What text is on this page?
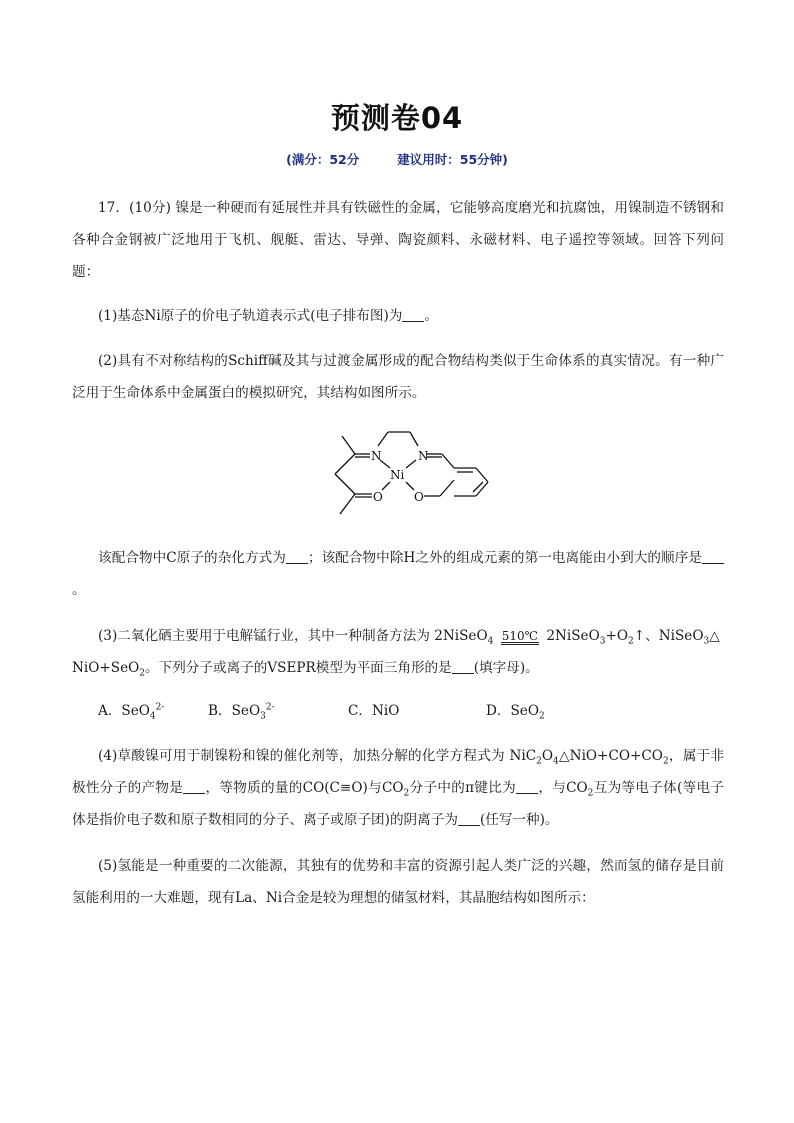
预测卷04
(满分：52分	建议用时：55分钟)
17．(10分) 镍是一种硬而有延展性并具有铁磁性的金属，它能够高度磨光和抗腐蚀，用镍制造不锈钢和各种合金钢被广泛地用于飞机、舰艇、雷达、导弹、陶瓷颜料、永磁材料、电子遥控等领域。回答下列问题：
(1)基态Ni原子的价电子轨道表示式(电子排布图)为 。
(2)具有不对称结构的Schiff碱及其与过渡金属形成的配合物结构类似于生命体系的真实情况。有一种广泛用于生命体系中金属蛋白的模拟研究，其结构如图所示。
N	N
Ni
O	O
该配合物中C原子的杂化方式为 ；该配合物中除H之外的组成元素的第一电离能由小到大的顺序是。
(3)二氧化硒主要用于电解锰行业，其中一种制备方法为 2NiSeO$_4$ 510℃ $2NiSeO_3+O_2↑$、NiSeO$_3$△
NiO+SeO$_2$。下列分子或离子的VSEPR模型为平面三角形的是 (填字母)。
A．SeO$_4^{2-}$	B．SeO$_3^{2-}$	C．NiO	D．SeO$_2$
(4)草酸镍可用于制镍粉和镍的催化剂等，加热分解的化学方程式为 $NiC_2O_4\triangle NiO+CO+CO_2$，属于非极性分子的产物是 ，等物质的量的CO(C≡O)与$CO_2$分子中的π键比为 ，与$CO_2$互为等电子体(等电子体是指价电子数和原子数相同的分子、离子或原子团)的阴离子为 (任写一种)。
(5)氢能是一种重要的二次能源，其独有的优势和丰富的资源引起人类广泛的兴趣，然而氢的储存是目前氢能利用的一大难题，现有La、Ni合金是较为理想的储氢材料，其晶胞结构如图所示：
